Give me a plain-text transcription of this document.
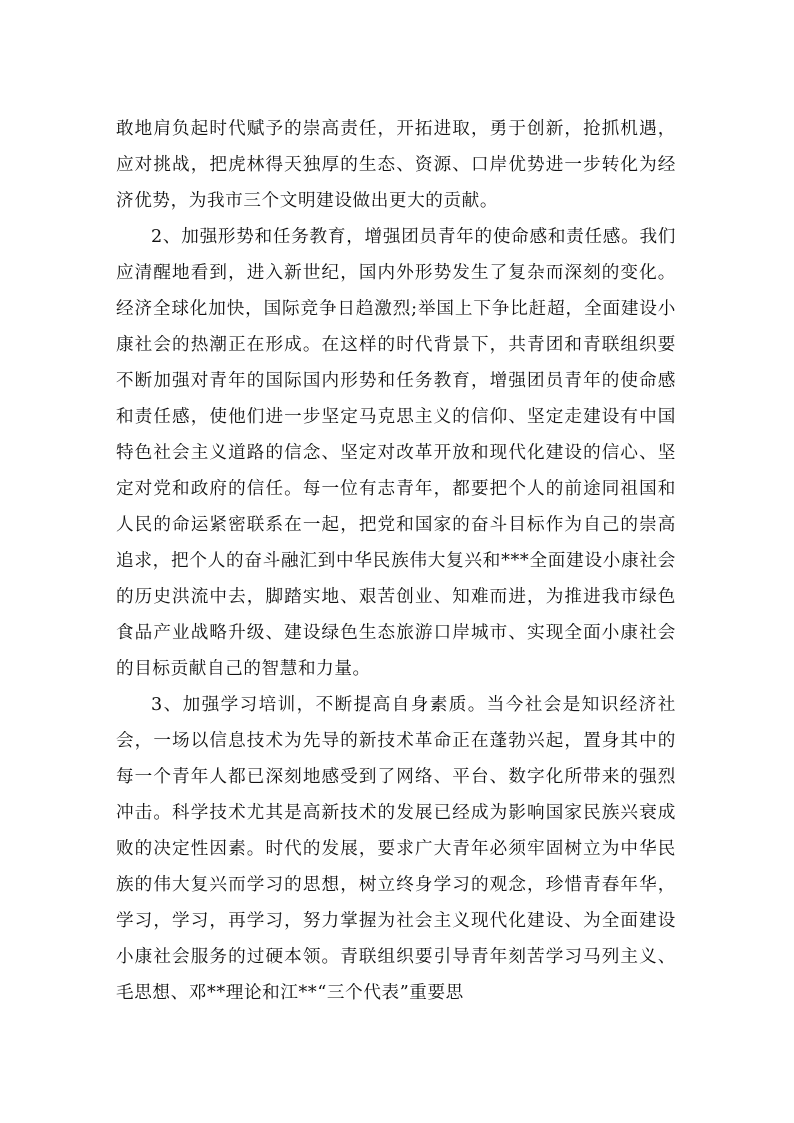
敢地肩负起时代赋予的崇高责任，开拓进取，勇于创新，抢抓机遇，应对挑战，把虎林得天独厚的生态、资源、口岸优势进一步转化为经济优势，为我市三个文明建设做出更大的贡献。

2、加强形势和任务教育，增强团员青年的使命感和责任感。我们应清醒地看到，进入新世纪，国内外形势发生了复杂而深刻的变化。经济全球化加快，国际竞争日趋激烈;举国上下争比赶超，全面建设小康社会的热潮正在形成。在这样的时代背景下，共青团和青联组织要不断加强对青年的国际国内形势和任务教育，增强团员青年的使命感和责任感，使他们进一步坚定马克思主义的信仰、坚定走建设有中国特色社会主义道路的信念、坚定对改革开放和现代化建设的信心、坚定对党和政府的信任。每一位有志青年，都要把个人的前途同祖国和人民的命运紧密联系在一起，把党和国家的奋斗目标作为自己的崇高追求，把个人的奋斗融汇到中华民族伟大复兴和***全面建设小康社会的历史洪流中去，脚踏实地、艰苦创业、知难而进，为推进我市绿色食品产业战略升级、建设绿色生态旅游口岸城市、实现全面小康社会的目标贡献自己的智慧和力量。

3、加强学习培训，不断提高自身素质。当今社会是知识经济社会，一场以信息技术为先导的新技术革命正在蓬勃兴起，置身其中的每一个青年人都已深刻地感受到了网络、平台、数字化所带来的强烈冲击。科学技术尤其是高新技术的发展已经成为影响国家民族兴衰成败的决定性因素。时代的发展，要求广大青年必须牢固树立为中华民族的伟大复兴而学习的思想，树立终身学习的观念，珍惜青春年华，学习，学习，再学习，努力掌握为社会主义现代化建设、为全面建设小康社会服务的过硬本领。青联组织要引导青年刻苦学习马列主义、毛思想、邓**理论和江**“三个代表”重要思
